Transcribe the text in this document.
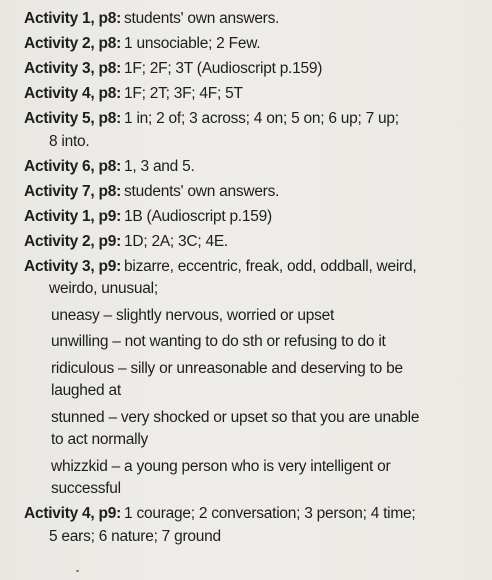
Activity 1, p8: students' own answers.
Activity 2, p8: 1 unsociable; 2 Few.
Activity 3, p8: 1F; 2F; 3T (Audioscript p.159)
Activity 4, p8: 1F; 2T; 3F; 4F; 5T
Activity 5, p8: 1 in; 2 of; 3 across; 4 on; 5 on; 6 up; 7 up;
8 into.
Activity 6, p8: 1, 3 and 5.
Activity 7, p8: students' own answers.
Activity 1, p9: 1B (Audioscript p.159)
Activity 2, p9: 1D; 2A; 3C; 4E.
Activity 3, p9: bizarre, eccentric, freak, odd, oddball, weird,
weirdo, unusual;
uneasy – slightly nervous, worried or upset
unwilling – not wanting to do sth or refusing to do it
ridiculous – silly or unreasonable and deserving to be
laughed at
stunned – very shocked or upset so that you are unable
to act normally
whizzkid – a young person who is very intelligent or
successful
Activity 4, p9: 1 courage; 2 conversation; 3 person; 4 time;
5 ears; 6 nature; 7 ground
